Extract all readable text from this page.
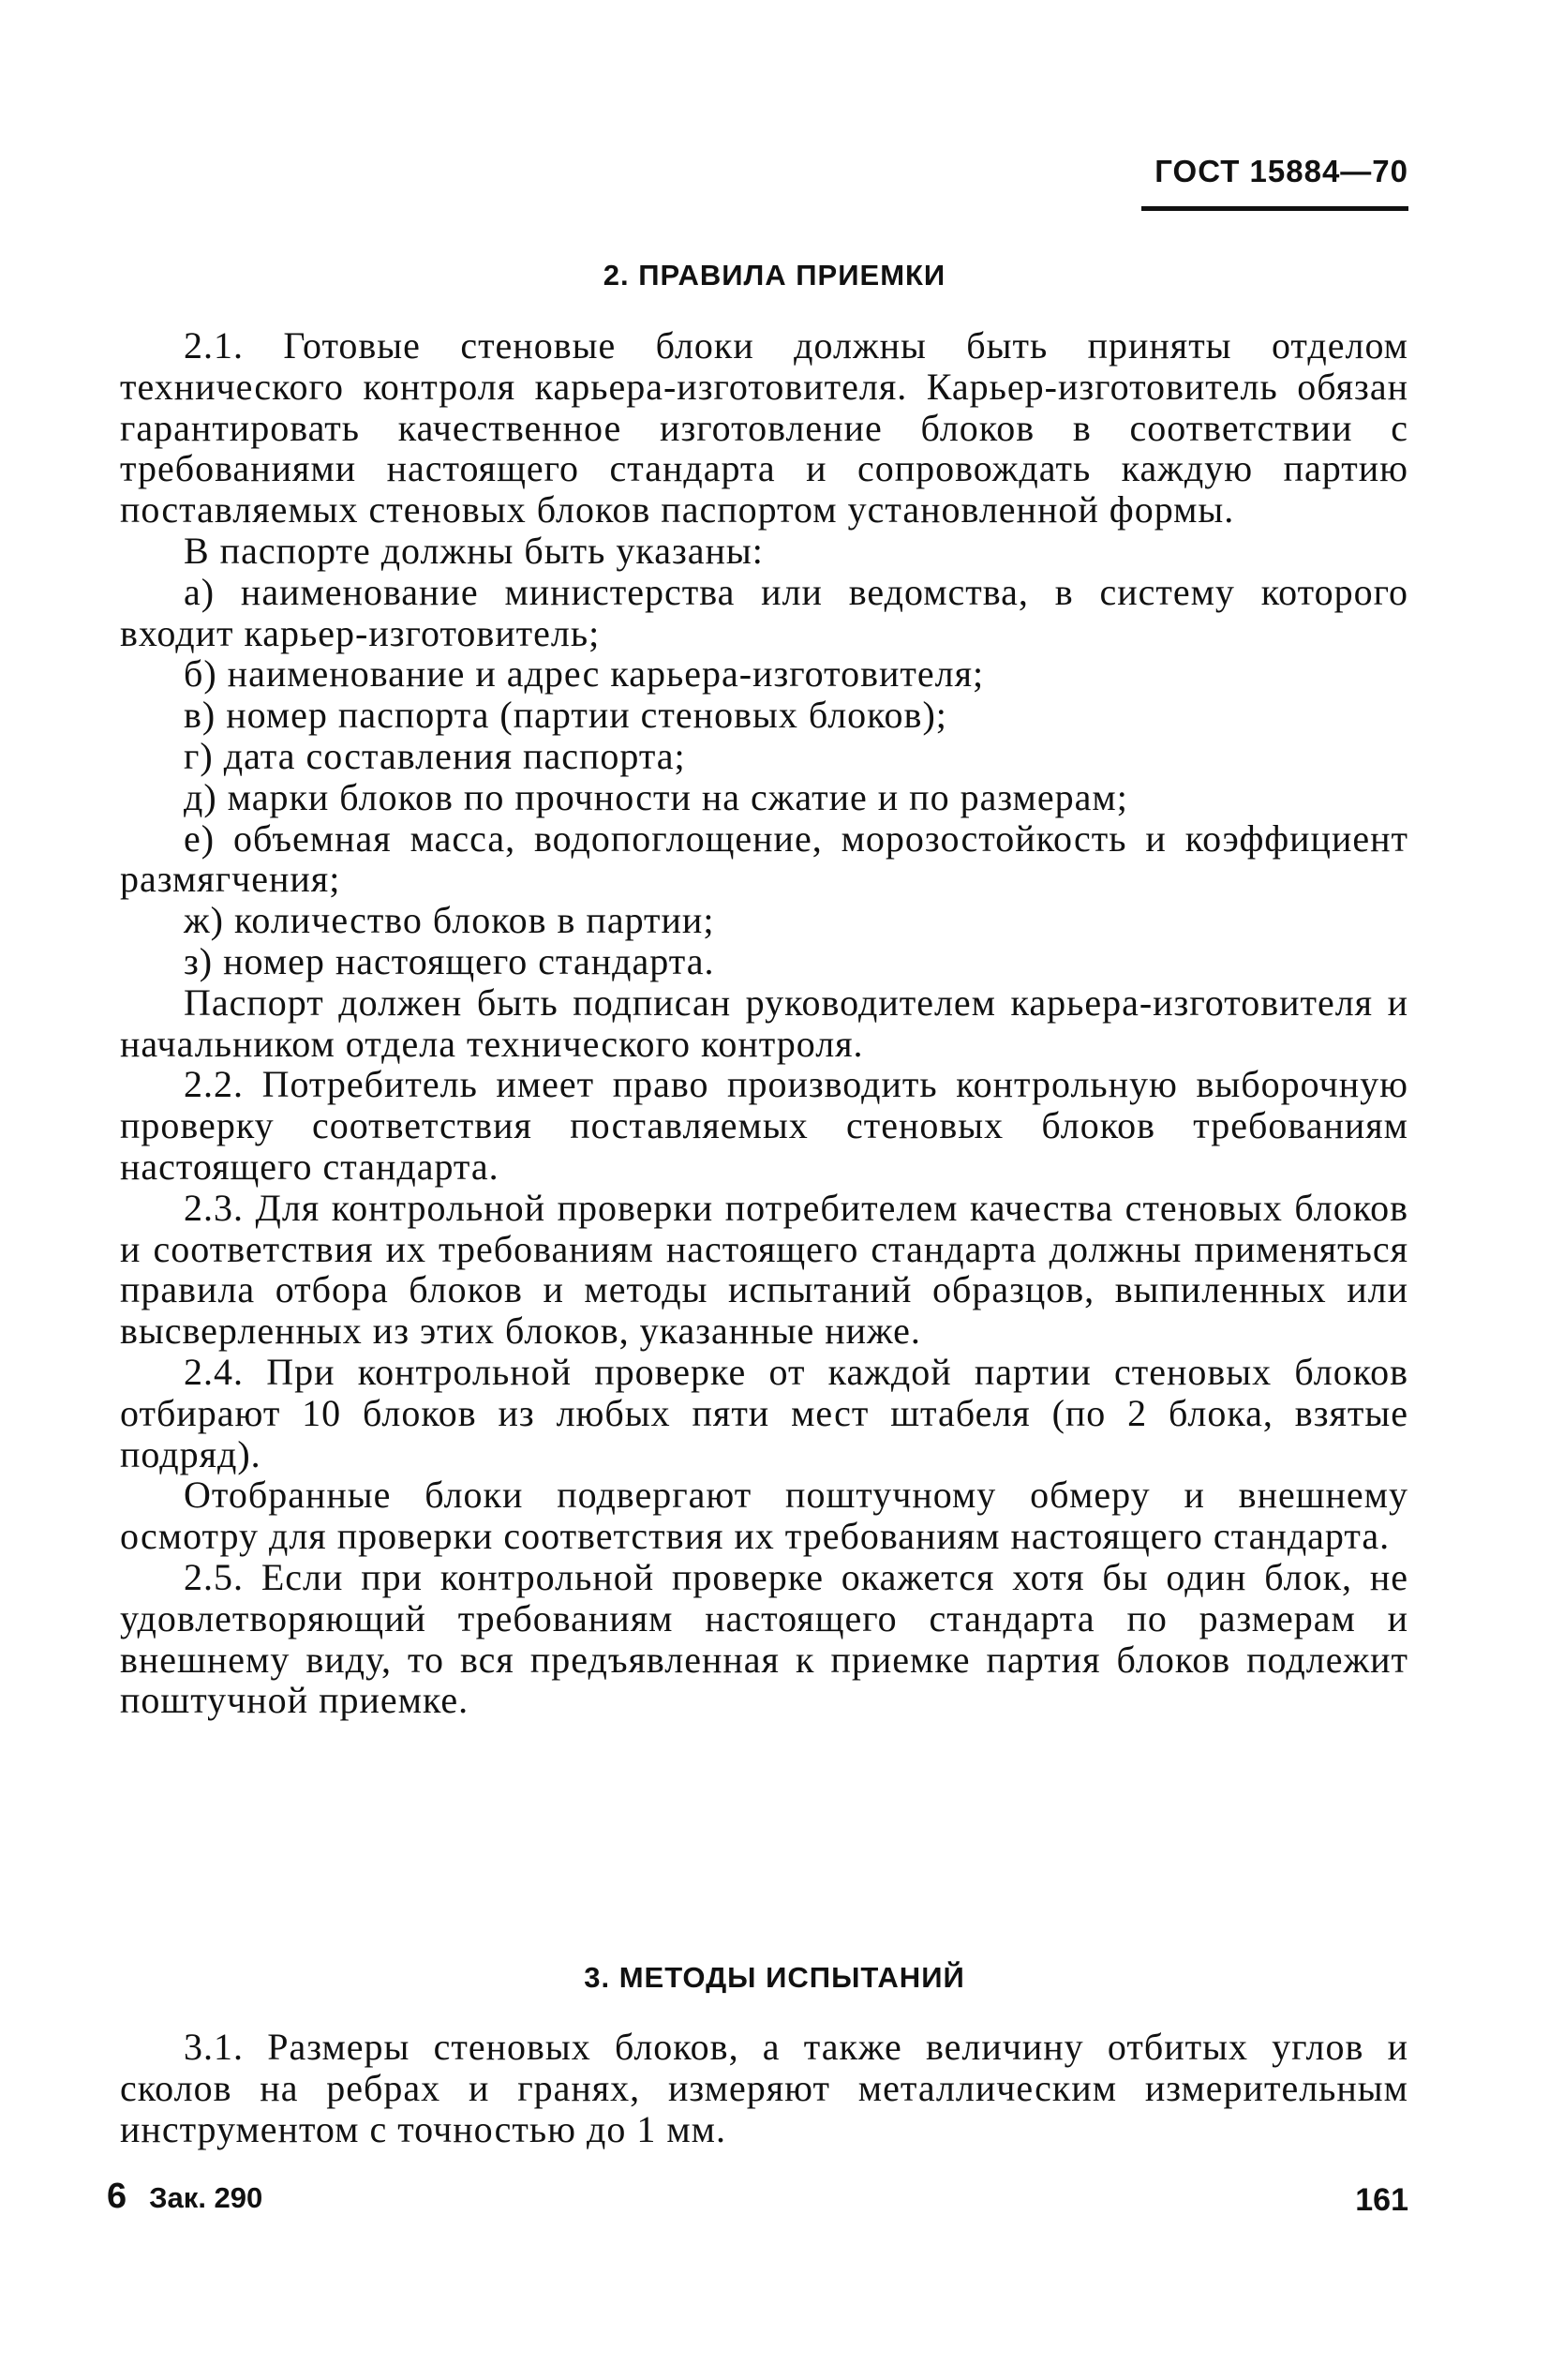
ГОСТ 15884—70
2. ПРАВИЛА ПРИЕМКИ

2.1. Готовые стеновые блоки должны быть приняты отделом технического контроля карьера-изготовителя. Карьер-изготовитель обязан гарантировать качественное изготовление блоков в соответствии с требованиями настоящего стандарта и сопровождать каждую партию поставляемых стеновых блоков паспортом установленной формы.

В паспорте должны быть указаны:

а) наименование министерства или ведомства, в систему которого входит карьер-изготовитель;

б) наименование и адрес карьера-изготовителя;

в) номер паспорта (партии стеновых блоков);

г) дата составления паспорта;

д) марки блоков по прочности на сжатие и по размерам;

е) объемная масса, водопоглощение, морозостойкость и коэффициент размягчения;

ж) количество блоков в партии;

з) номер настоящего стандарта.

Паспорт должен быть подписан руководителем карьера-изготовителя и начальником отдела технического контроля.

2.2. Потребитель имеет право производить контрольную выборочную проверку соответствия поставляемых стеновых блоков требованиям настоящего стандарта.

2.3. Для контрольной проверки потребителем качества стеновых блоков и соответствия их требованиям настоящего стандарта должны применяться правила отбора блоков и методы испытаний образцов, выпиленных или высверленных из этих блоков, указанные ниже.

2.4. При контрольной проверке от каждой партии стеновых блоков отбирают 10 блоков из любых пяти мест штабеля (по 2 блока, взятые подряд).

Отобранные блоки подвергают поштучному обмеру и внешнему осмотру для проверки соответствия их требованиям настоящего стандарта.

2.5. Если при контрольной проверке окажется хотя бы один блок, не удовлетворяющий требованиям настоящего стандарта по размерам и внешнему виду, то вся предъявленная к приемке партия блоков подлежит поштучной приемке.

3. МЕТОДЫ ИСПЫТАНИЙ

3.1. Размеры стеновых блоков, а также величину отбитых углов и сколов на ребрах и гранях, измеряют металлическим измерительным инструментом с точностью до 1 мм.

6 Зак. 290	161
